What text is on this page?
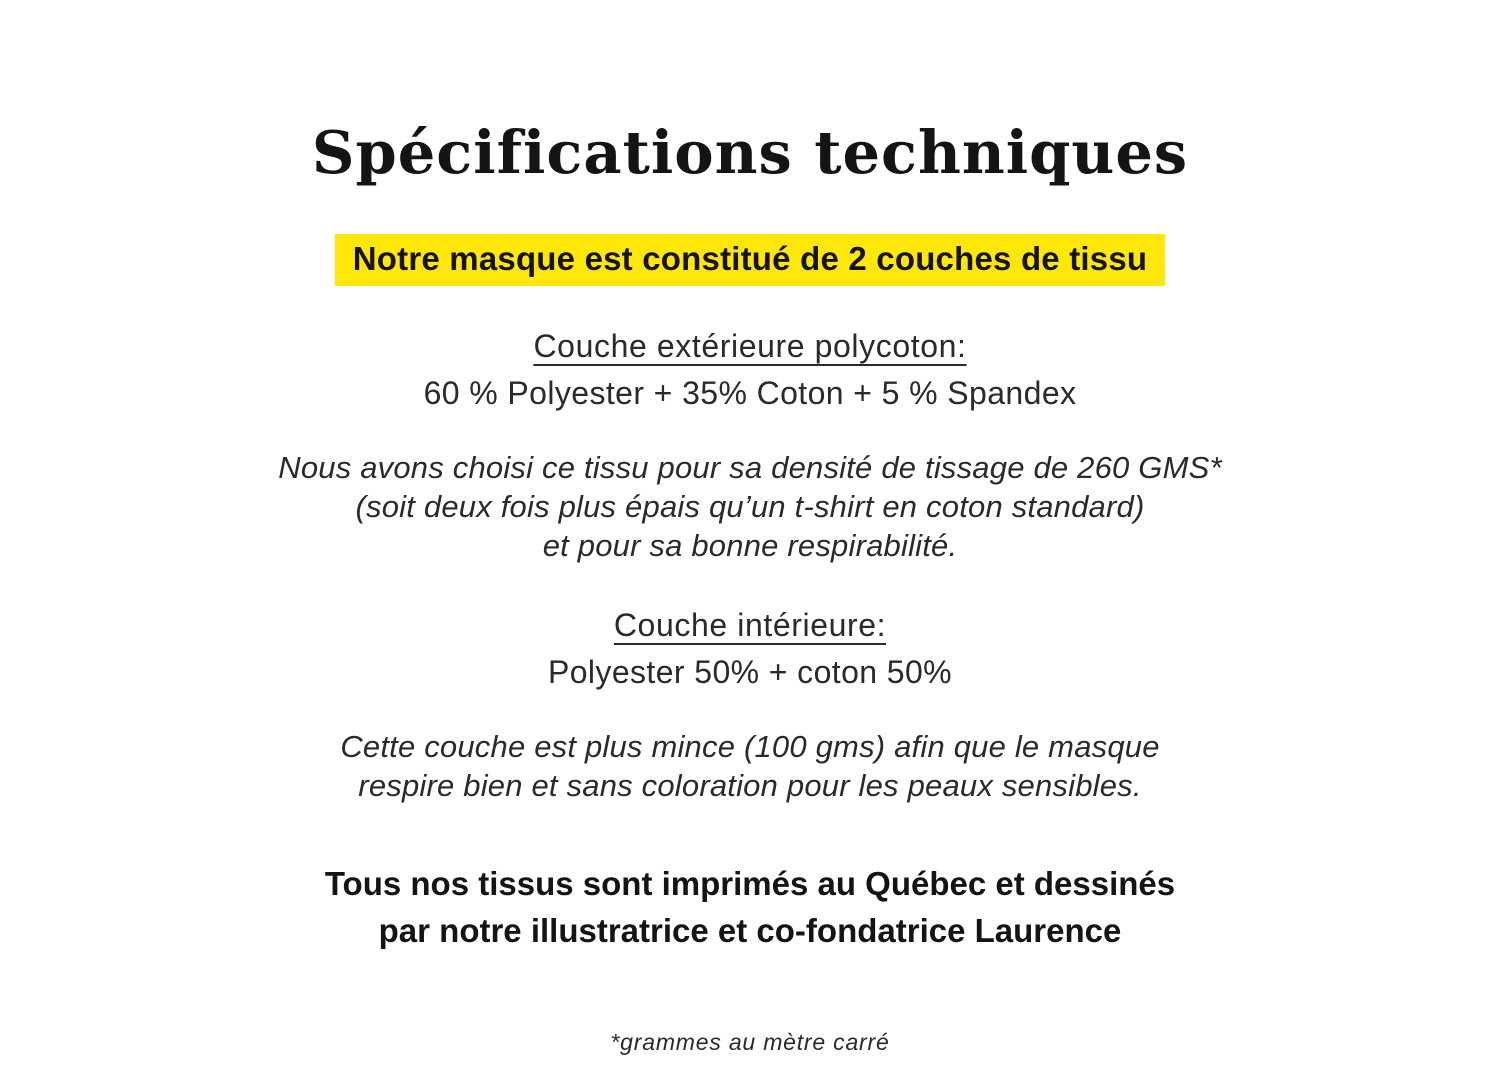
Spécifications techniques
Notre masque est constitué de 2 couches de tissu
Couche extérieure polycoton:
60 % Polyester + 35% Coton + 5 % Spandex
Nous avons choisi ce tissu pour sa densité de tissage de 260 GMS*
(soit deux fois plus épais qu’un t-shirt en coton standard)
et pour sa bonne respirabilité.
Couche intérieure:
Polyester 50% + coton 50%
Cette couche est plus mince (100 gms) afin que le masque
respire bien et sans coloration pour les peaux sensibles.
Tous nos tissus sont imprimés au Québec et dessinés
par notre illustratrice et co-fondatrice Laurence
*grammes au mètre carré
